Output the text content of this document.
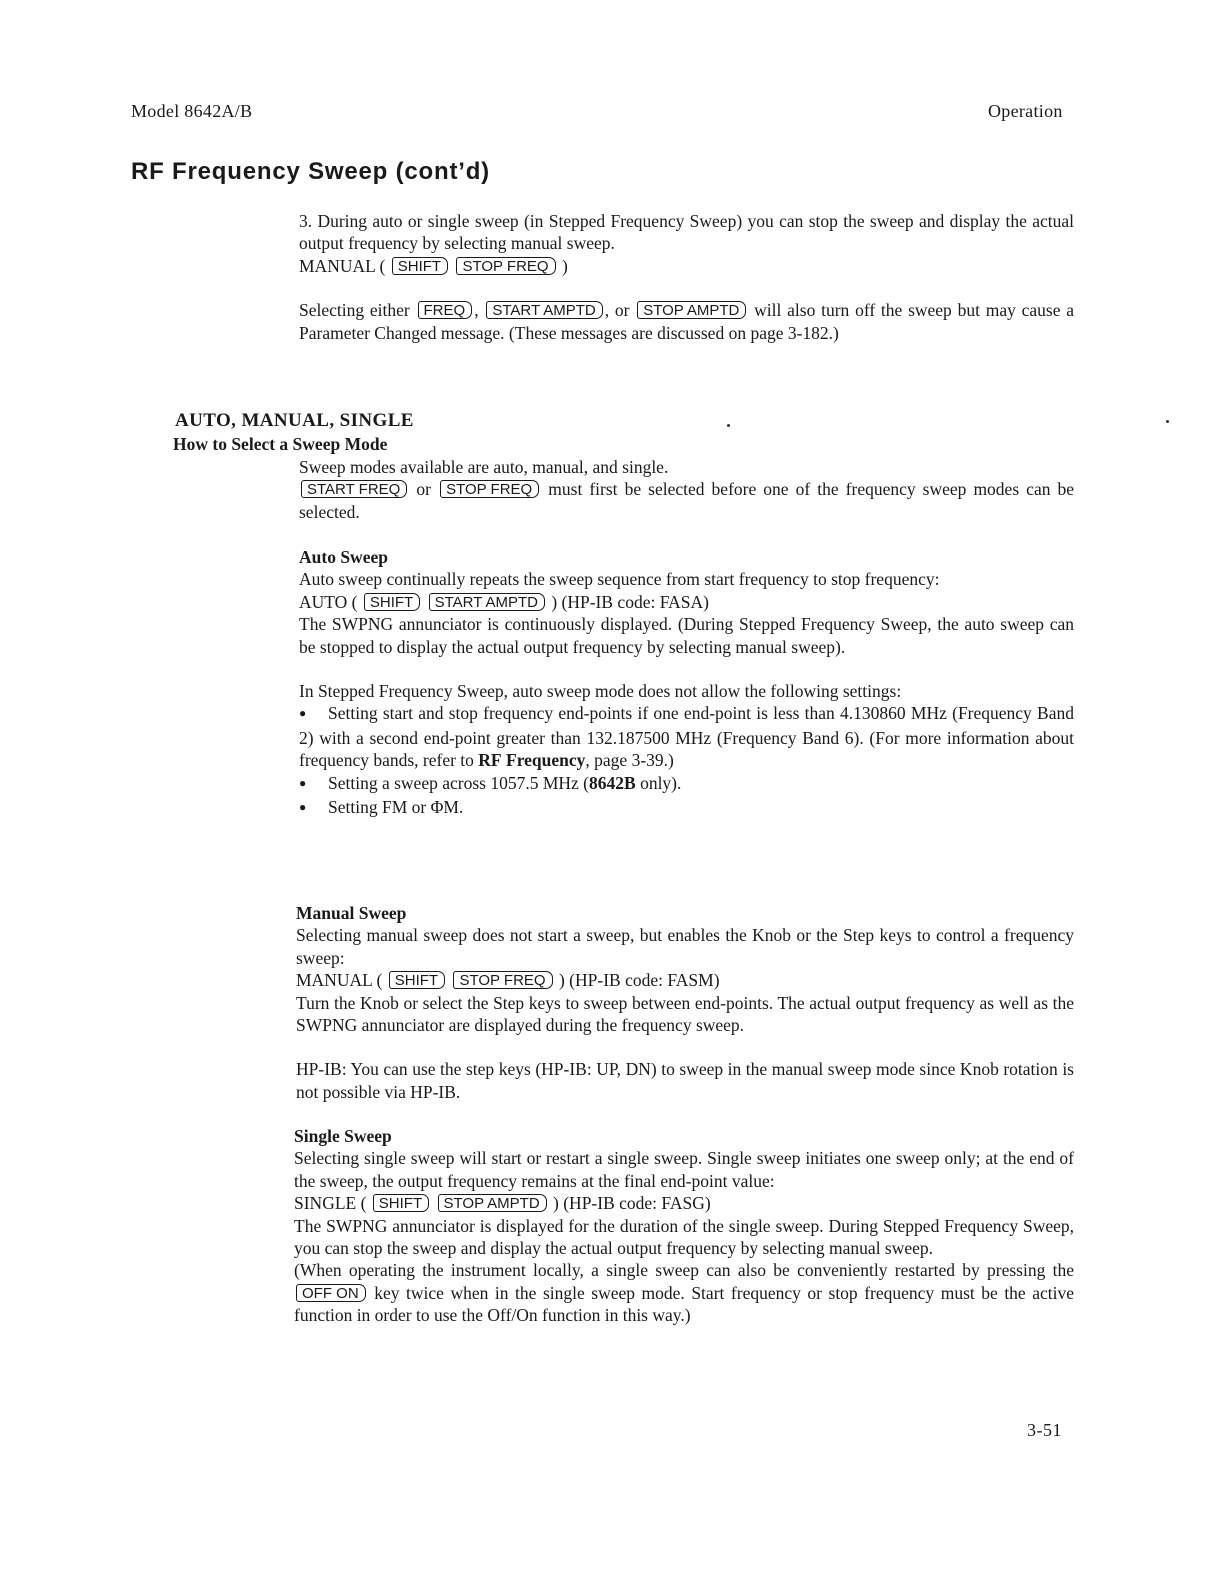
Model 8642A/B	Operation
RF Frequency Sweep (cont’d)

3. During auto or single sweep (in Stepped Frequency Sweep) you can stop the sweep and display the actual output frequency by selecting manual sweep.

MANUAL ( SHIFT STOP FREQ )

Selecting either FREQ , START AMPTD , or STOP AMPTD will also turn off the sweep but may cause a Parameter Changed message. (These messages are discussed on page 3-182.)

AUTO, MANUAL, SINGLE
How to Select a Sweep Mode

Sweep modes available are auto, manual, and single.

START FREQ or STOP FREQ must first be selected before one of the frequency sweep modes can be selected.

Auto Sweep

Auto sweep continually repeats the sweep sequence from start frequency to stop frequency:

AUTO ( SHIFT START AMPTD ) (HP-IB code: FASA)

The SWPNG annunciator is continuously displayed. (During Stepped Frequency Sweep, the auto sweep can be stopped to display the actual output frequency by selecting manual sweep).

In Stepped Frequency Sweep, auto sweep mode does not allow the following settings:

● Setting start and stop frequency end-points if one end-point is less than 4.130860 MHz (Frequency Band 2) with a second end-point greater than 132.187500 MHz (Frequency Band 6). (For more information about frequency bands, refer to RF Frequency, page 3-39.)

● Setting a sweep across 1057.5 MHz (8642B only).

● Setting FM or ΦM.

Manual Sweep

Selecting manual sweep does not start a sweep, but enables the Knob or the Step keys to control a frequency sweep:

MANUAL ( SHIFT STOP FREQ ) (HP-IB code: FASM)

Turn the Knob or select the Step keys to sweep between end-points. The actual output frequency as well as the SWPNG annunciator are displayed during the frequency sweep.

HP-IB: You can use the step keys (HP-IB: UP, DN) to sweep in the manual sweep mode since Knob rotation is not possible via HP-IB.

Single Sweep

Selecting single sweep will start or restart a single sweep. Single sweep initiates one sweep only; at the end of the sweep, the output frequency remains at the final end-point value:

SINGLE ( SHIFT STOP AMPTD ) (HP-IB code: FASG)

The SWPNG annunciator is displayed for the duration of the single sweep. During Stepped Frequency Sweep, you can stop the sweep and display the actual output frequency by selecting manual sweep.

(When operating the instrument locally, a single sweep can also be conveniently restarted by pressing the OFF ON key twice when in the single sweep mode. Start frequency or stop frequency must be the active function in order to use the Off/On function in this way.)

3-51
